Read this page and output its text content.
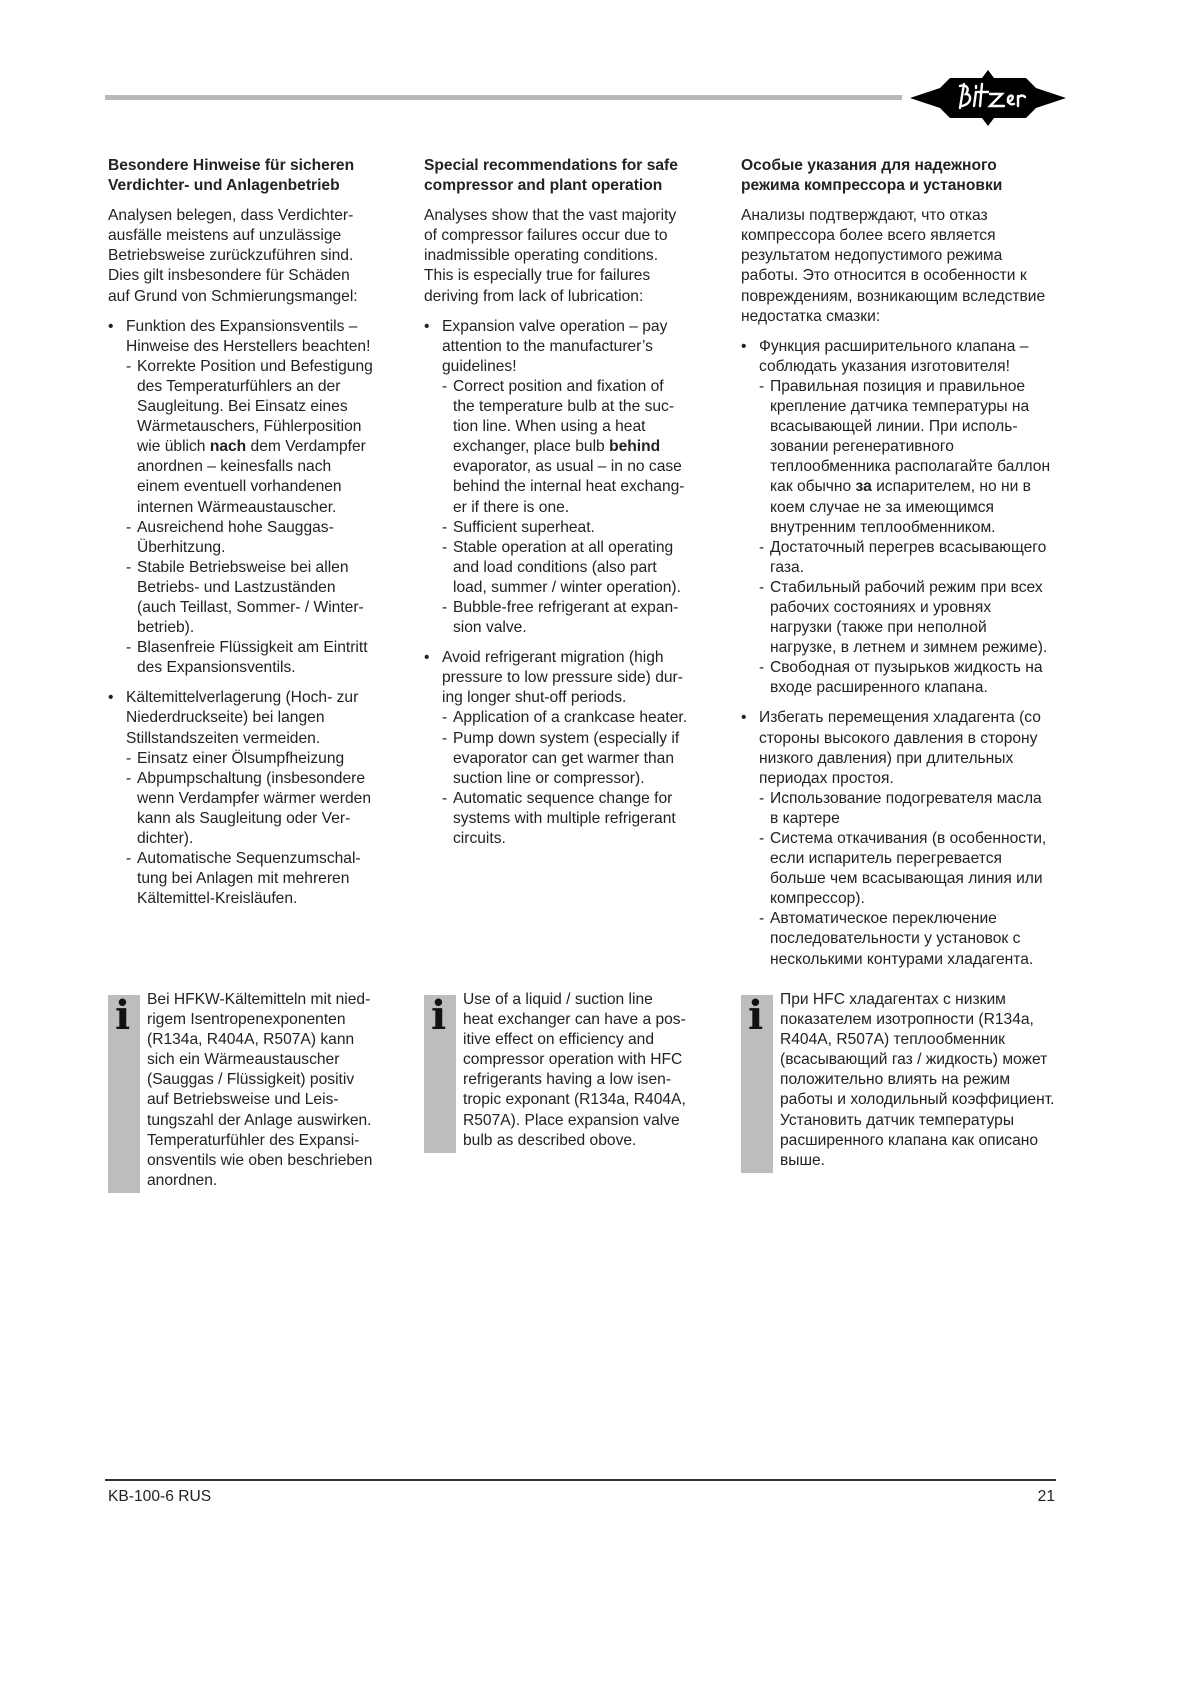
Besondere Hinweise für sicheren
Verdichter- und Anlagenbetrieb
Analysen belegen, dass Verdichter-
ausfälle meistens auf unzulässige
Betriebsweise zurückzuführen sind.
Dies gilt insbesondere für Schäden
auf Grund von Schmierungsmangel:
• Funktion des Expansionsventils –
Hinweise des Herstellers beachten!
- Korrekte Position und Befestigung
des Temperaturfühlers an der
Saugleitung. Bei Einsatz eines
Wärmetauschers, Fühlerposition
wie üblich nach dem Verdampfer
anordnen – keinesfalls nach
einem eventuell vorhandenen
internen Wärmeaustauscher.
- Ausreichend hohe Sauggas-
Überhitzung.
- Stabile Betriebsweise bei allen
Betriebs- und Lastzuständen
(auch Teillast, Sommer- / Winter-
betrieb).
- Blasenfreie Flüssigkeit am Eintritt
des Expansionsventils.
• Kältemittelverlagerung (Hoch- zur
Niederdruckseite) bei langen
Stillstandszeiten vermeiden.
- Einsatz einer Ölsumpfheizung
- Abpumpschaltung (insbesondere
wenn Verdampfer wärmer werden
kann als Saugleitung oder Ver-
dichter).
- Automatische Sequenzumschal-
tung bei Anlagen mit mehreren
Kältemittel-Kreisläufen.
i Bei HFKW-Kältemitteln mit nied-
rigem Isentropenexponenten
(R134a, R404A, R507A) kann
sich ein Wärmeaustauscher
(Sauggas / Flüssigkeit) positiv
auf Betriebsweise und Leis-
tungszahl der Anlage auswirken.
Temperaturfühler des Expansi-
onsventils wie oben beschrieben
anordnen.
Special recommendations for safe
compressor and plant operation
Analyses show that the vast majority
of compressor failures occur due to
inadmissible operating conditions.
This is especially true for failures
deriving from lack of lubrication:
• Expansion valve operation – pay
attention to the manufacturer’s
guidelines!
- Correct position and fixation of
the temperature bulb at the suc-
tion line. When using a heat
exchanger, place bulb behind
evaporator, as usual – in no case
behind the internal heat exchang-
er if there is one.
- Sufficient superheat.
- Stable operation at all operating
and load conditions (also part
load, summer / winter operation).
- Bubble-free refrigerant at expan-
sion valve.
• Avoid refrigerant migration (high
pressure to low pressure side) dur-
ing longer shut-off periods.
- Application of a crankcase heater.
- Pump down system (especially if
evaporator can get warmer than
suction line or compressor).
- Automatic sequence change for
systems with multiple refrigerant
circuits.
i Use of a liquid / suction line
heat exchanger can have a pos-
itive effect on efficiency and
compressor operation with HFC
refrigerants having a low isen-
tropic exponant (R134a, R404A,
R507A). Place expansion valve
bulb as described obove.
Особые указания для надежного
режима компрессора и установки
Анализы подтверждают, что отказ
компрессора более всего является
результатом недопустимого режима
работы. Это относится в особенности к
повреждениям, возникающим вследствие
недостатка смазки:
• Функция расширительного клапана –
соблюдать указания изготовителя!
- Правильная позиция и правильное
крепление датчика температуры на
всасывающей линии. При исполь-
зовании регенеративного
теплообменника располагайте баллон
как обычно за испарителем, но ни в
коем случае не за имеющимся
внутренним теплообменником.
- Достаточный перегрев всасывающего
газа.
- Стабильный рабочий режим при всех
рабочих состояниях и уровнях
нагрузки (также при неполной
нагрузке, в летнем и зимнем режиме).
- Свободная от пузырьков жидкость на
входе расширенного клапана.
• Избегать перемещения хладагента (со
стороны высокого давления в сторону
низкого давления) при длительных
периодах простоя.
- Использование подогревателя масла
в картере
- Система откачивания (в особенности,
если испаритель перегревается
больше чем всасывающая линия или
компрессор).
- Автоматическое переключение
последовательности у установок с
несколькими контурами хладагента.
i При HFC хладагентах с низким
показателем изотропности (R134a,
R404A, R507A) теплообменник
(всасывающий газ / жидкость) может
положительно влиять на режим
работы и холодильный коэффициент.
Установить датчик температуры
расширенного клапана как описано
выше.
KB-100-6 RUS	21
